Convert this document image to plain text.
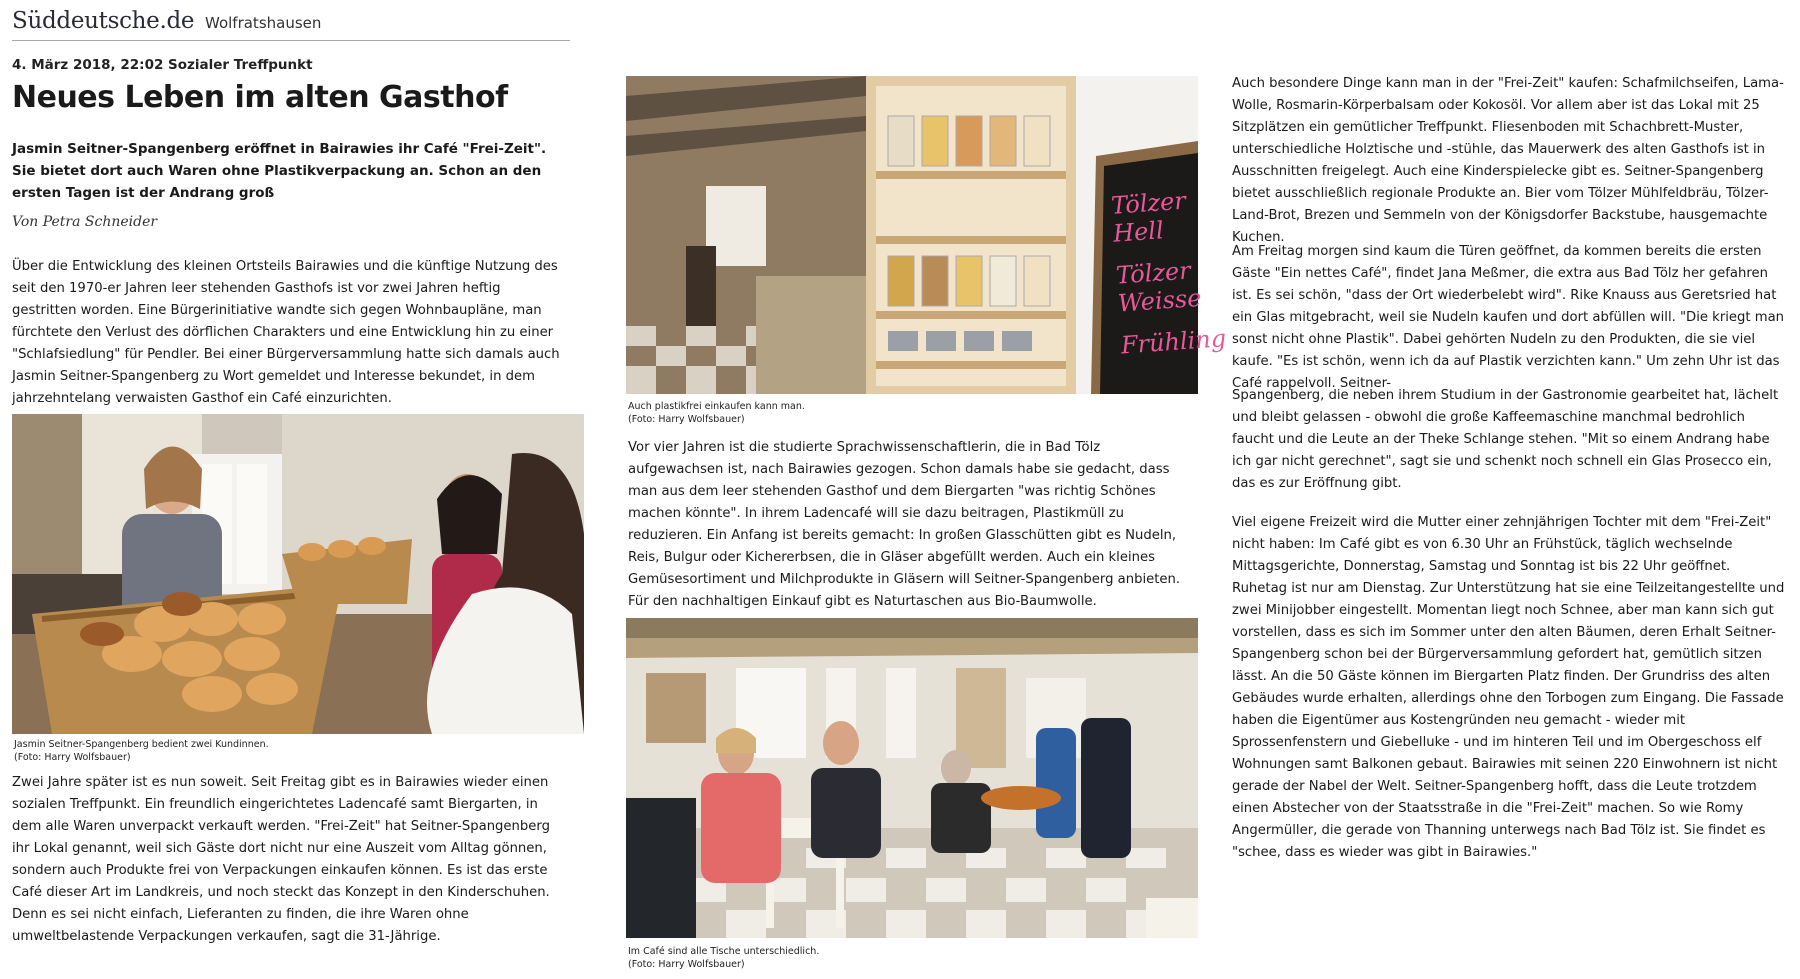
Süddeutsche.de Wolfratshausen
4. März 2018, 22:02 Sozialer Treffpunkt
Neues Leben im alten Gasthof

Jasmin Seitner-Spangenberg eröffnet in Bairawies ihr Café "Frei-Zeit". Sie bietet dort auch Waren ohne Plastikverpackung an. Schon an den ersten Tagen ist der Andrang groß

Von Petra Schneider

Über die Entwicklung des kleinen Ortsteils Bairawies und die künftige Nutzung des seit den 1970-er Jahren leer stehenden Gasthofs ist vor zwei Jahren heftig gestritten worden. Eine Bürgerinitiative wandte sich gegen Wohnbaupläne, man fürchtete den Verlust des dörflichen Charakters und eine Entwicklung hin zu einer "Schlafsiedlung" für Pendler. Bei einer Bürgerversammlung hatte sich damals auch Jasmin Seitner-Spangenberg zu Wort gemeldet und Interesse bekundet, in dem jahrzehntelang verwaisten Gasthof ein Café einzurichten.

Jasmin Seitner-Spangenberg bedient zwei Kundinnen.
(Foto: Harry Wolfsbauer)

Zwei Jahre später ist es nun soweit. Seit Freitag gibt es in Bairawies wieder einen sozialen Treffpunkt. Ein freundlich eingerichtetes Ladencafé samt Biergarten, in dem alle Waren unverpackt verkauft werden. "Frei-Zeit" hat Seitner-Spangenberg ihr Lokal genannt, weil sich Gäste dort nicht nur eine Auszeit vom Alltag gönnen, sondern auch Produkte frei von Verpackungen einkaufen können. Es ist das erste Café dieser Art im Landkreis, und noch steckt das Konzept in den Kinderschuhen. Denn es sei nicht einfach, Lieferanten zu finden, die ihre Waren ohne umweltbelastende Verpackungen verkaufen, sagt die 31-Jährige.

Tölzer
Hell
Tölzer
Weisse
Frühling
Auch plastikfrei einkaufen kann man.
(Foto: Harry Wolfsbauer)

Vor vier Jahren ist die studierte Sprachwissenschaftlerin, die in Bad Tölz aufgewachsen ist, nach Bairawies gezogen. Schon damals habe sie gedacht, dass man aus dem leer stehenden Gasthof und dem Biergarten "was richtig Schönes machen könnte". In ihrem Ladencafé will sie dazu beitragen, Plastikmüll zu reduzieren. Ein Anfang ist bereits gemacht: In großen Glasschütten gibt es Nudeln, Reis, Bulgur oder Kichererbsen, die in Gläser abgefüllt werden. Auch ein kleines Gemüsesortiment und Milchprodukte in Gläsern will Seitner-Spangenberg anbieten. Für den nachhaltigen Einkauf gibt es Naturtaschen aus Bio-Baumwolle.

Im Café sind alle Tische unterschiedlich.
(Foto: Harry Wolfsbauer)

Auch besondere Dinge kann man in der "Frei-Zeit" kaufen: Schafmilchseifen, Lama-Wolle, Rosmarin-Körperbalsam oder Kokosöl. Vor allem aber ist das Lokal mit 25 Sitzplätzen ein gemütlicher Treffpunkt. Fliesenboden mit Schachbrett-Muster, unterschiedliche Holztische und -stühle, das Mauerwerk des alten Gasthofs ist in Ausschnitten freigelegt. Auch eine Kinderspielecke gibt es. Seitner-Spangenberg bietet ausschließlich regionale Produkte an. Bier vom Tölzer Mühlfeldbräu, Tölzer-Land-Brot, Brezen und Semmeln von der Königsdorfer Backstube, hausgemachte Kuchen.

Am Freitag morgen sind kaum die Türen geöffnet, da kommen bereits die ersten Gäste "Ein nettes Café", findet Jana Meßmer, die extra aus Bad Tölz her gefahren ist. Es sei schön, "dass der Ort wiederbelebt wird". Rike Knauss aus Geretsried hat ein Glas mitgebracht, weil sie Nudeln kaufen und dort abfüllen will. "Die kriegt man sonst nicht ohne Plastik". Dabei gehörten Nudeln zu den Produkten, die sie viel kaufe. "Es ist schön, wenn ich da auf Plastik verzichten kann." Um zehn Uhr ist das Café rappelvoll. Seitner-

Spangenberg, die neben ihrem Studium in der Gastronomie gearbeitet hat, lächelt und bleibt gelassen - obwohl die große Kaffeemaschine manchmal bedrohlich faucht und die Leute an der Theke Schlange stehen. "Mit so einem Andrang habe ich gar nicht gerechnet", sagt sie und schenkt noch schnell ein Glas Prosecco ein, das es zur Eröffnung gibt.

Viel eigene Freizeit wird die Mutter einer zehnjährigen Tochter mit dem "Frei-Zeit" nicht haben: Im Café gibt es von 6.30 Uhr an Frühstück, täglich wechselnde Mittagsgerichte, Donnerstag, Samstag und Sonntag ist bis 22 Uhr geöffnet. Ruhetag ist nur am Dienstag. Zur Unterstützung hat sie eine Teilzeitangestellte und zwei Minijobber eingestellt. Momentan liegt noch Schnee, aber man kann sich gut vorstellen, dass es sich im Sommer unter den alten Bäumen, deren Erhalt Seitner-Spangenberg schon bei der Bürgerversammlung gefordert hat, gemütlich sitzen lässt. An die 50 Gäste können im Biergarten Platz finden. Der Grundriss des alten Gebäudes wurde erhalten, allerdings ohne den Torbogen zum Eingang. Die Fassade haben die Eigentümer aus Kostengründen neu gemacht - wieder mit Sprossenfenstern und Giebelluke - und im hinteren Teil und im Obergeschoss elf Wohnungen samt Balkonen gebaut. Bairawies mit seinen 220 Einwohnern ist nicht gerade der Nabel der Welt. Seitner-Spangenberg hofft, dass die Leute trotzdem einen Abstecher von der Staatsstraße in die "Frei-Zeit" machen. So wie Romy Angermüller, die gerade von Thanning unterwegs nach Bad Tölz ist. Sie findet es "schee, dass es wieder was gibt in Bairawies."
